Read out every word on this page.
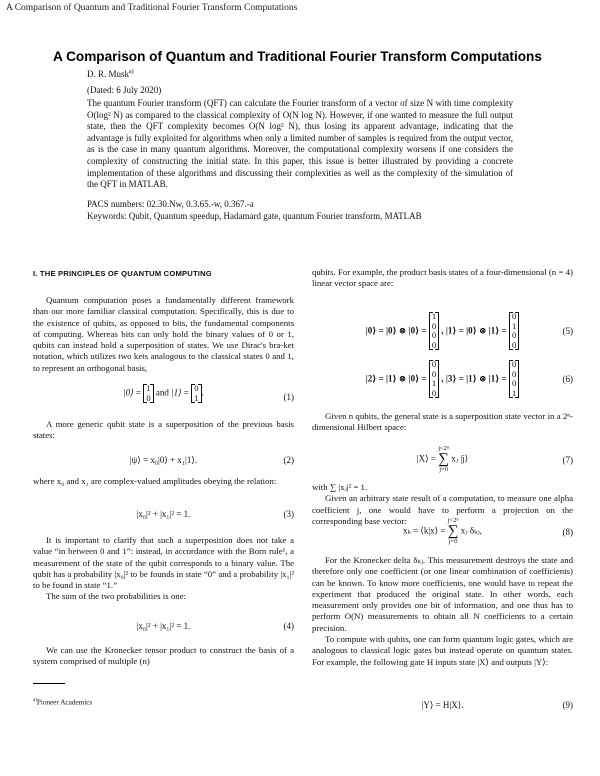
A Comparison of Quantum and Traditional Fourier Transform Computations
A Comparison of Quantum and Traditional Fourier Transform Computations
D. R. Musk$^{a)}$
(Dated: 6 July 2020)
The quantum Fourier transform (QFT) can calculate the Fourier transform of a vector of size N with time complexity O(log² N) as compared to the classical complexity of O(N log N). However, if one wanted to measure the full output state, then the QFT complexity becomes O(N log² N), thus losing its apparent advantage, indicating that the advantage is fully exploited for algorithms when only a limited number of samples is required from the output vector, as is the case in many quantum algorithms. Moreover, the computational complexity worsens if one considers the complexity of constructing the initial state. In this paper, this issue is better illustrated by providing a concrete implementation of these algorithms and discussing their complexities as well as the complexity of the simulation of the QFT in MATLAB.
PACS numbers: 02.30.Nw, 0.3.65.-w, 0.367.-a
Keywords: Qubit, Quantum speedup, Hadamard gate, quantum Fourier transform, MATLAB
I. THE PRINCIPLES OF QUANTUM COMPUTING

Quantum computation poses a fundamentally different framework than our more familiar classical computation. Specifically, this is due to the existence of qubits, as opposed to bits, the fundamental components of computing. Whereas bits can only hold the binary values of 0 or 1, qubits can instead hold a superposition of states. We use Dirac's bra-ket notation, which utilizes two kets analogous to the classical states 0 and 1, to represent an orthogonal basis,

|0⟩ = 1
0 and |1⟩ = 0
1 .	(1)

A more generic qubit state is a superposition of the previous basis states:

|ψ⟩ = x₀|0⟩ + x₁|1⟩.	(2)

where x₀ and x₁ are complex-valued amplitudes obeying the relation:

|x₀|² + |x₁|² = 1.	(3)

It is important to clarify that such a superposition does not take a value “in between 0 and 1”: instead, in accordance with the Born rule¹, a measurement of the state of the qubit corresponds to a binary value. The qubit has a probability |x₀|² to be founds in state “0” and a probability |x₁|² to be found in state “1.”

The sum of the two probabilities is one:

|x₀|² + |x₁|² = 1.	(4)

We can use the Kronecker tensor product to construct the basis of a system comprised of multiple (n)

$^{a)}$Pioneer Academics

qubits. For example, the product basis states of a four-dimensional (n = 4) linear vector space are:

|0⟩ = |0⟩ ⊗ |0⟩ = 1
0
0
0 , |1⟩ = |0⟩ ⊗ |1⟩ = 0
1
0
0
(5)
|2⟩ = |1⟩ ⊗ |0⟩ = 0
0
1
0 , |3⟩ = |1⟩ ⊗ |1⟩ = 0
0
0
1
(6)

Given n qubits, the general state is a superposition state vector in a 2ⁿ-dimensional Hilbert space:

|X⟩ = j<2ⁿ
∑
j=0 xⱼ |j⟩	(7)

with ∑ |xⱼ|² = 1.

Given an arbitrary state result of a computation, to measure one alpha coefficient j, one would have to perform a projection on the corresponding base vector:

xₖ = ⟨k|x⟩ = j<2ⁿ
∑
j=0 xⱼ δₖⱼ,	(8)

For the Kronecker delta δₖⱼ. This measurement destroys the state and therefore only one coefficient (or one linear combination of coefficients) can be known. To know more coefficients, one would have to repeat the experiment that produced the original state. In other words, each measurement only provides one bit of information, and one thus has to perform O(N) measurements to obtain all N coefficients to a certain precision.

To compute with qubits, one can form quantum logic gates, which are analogous to classical logic gates but instead operate on quantum states. For example, the following gate H inputs state |X⟩ and outputs |Y⟩:

|Y⟩ = H|X⟩.	(9)
